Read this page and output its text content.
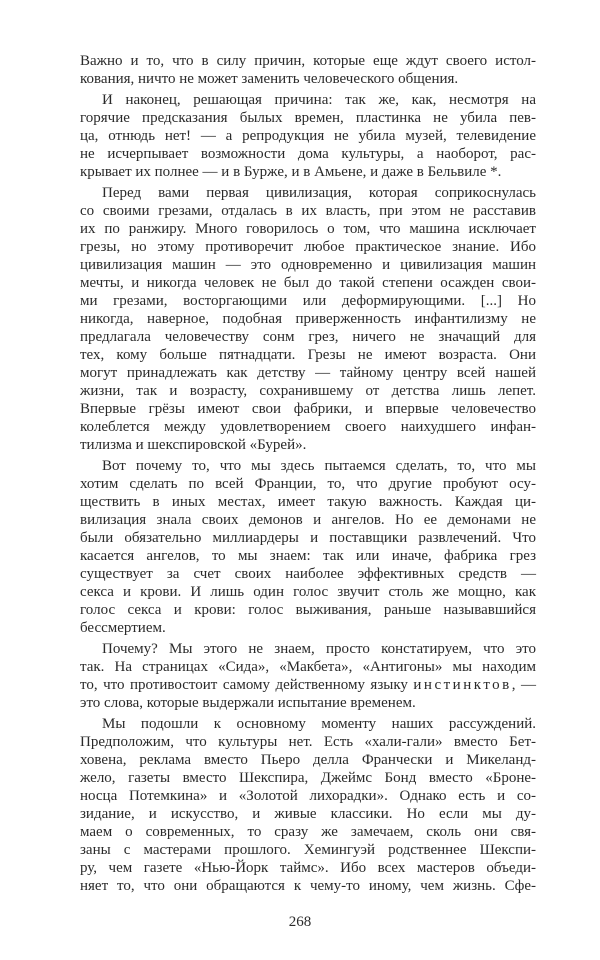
Важно и то, что в силу причин, которые еще ждут своего истол-
кования, ничто не может заменить человеческого общения.
И наконец, решающая причина: так же, как, несмотря на
горячие предсказания былых времен, пластинка не убила пев-
ца, отнюдь нет! — а репродукция не убила музей, телевидение
не исчерпывает возможности дома культуры, а наоборот, рас-
крывает их полнее — и в Бурже, и в Амьене, и даже в Бельвиле *.
Перед вами первая цивилизация, которая соприкоснулась
со своими грезами, отдалась в их власть, при этом не расставив
их по ранжиру. Много говорилось о том, что машина исключает
грезы, но этому противоречит любое практическое знание. Ибо
цивилизация машин — это одновременно и цивилизация машин
мечты, и никогда человек не был до такой степени осажден свои-
ми грезами, восторгающими или деформирующими. [...] Но
никогда, наверное, подобная приверженность инфантилизму не
предлагала человечеству сонм грез, ничего не значащий для
тех, кому больше пятнадцати. Грезы не имеют возраста. Они
могут принадлежать как детству — тайному центру всей нашей
жизни, так и возрасту, сохранившему от детства лишь лепет.
Впервые грёзы имеют свои фабрики, и впервые человечество
колеблется между удовлетворением своего наихудшего инфан-
тилизма и шекспировской «Бурей».
Вот почему то, что мы здесь пытаемся сделать, то, что мы
хотим сделать по всей Франции, то, что другие пробуют осу-
ществить в иных местах, имеет такую важность. Каждая ци-
вилизация знала своих демонов и ангелов. Но ее демонами не
были обязательно миллиардеры и поставщики развлечений. Что
касается ангелов, то мы знаем: так или иначе, фабрика грез
существует за счет своих наиболее эффективных средств —
секса и крови. И лишь один голос звучит столь же мощно, как
голос секса и крови: голос выживания, раньше называвшийся
бессмертием.
Почему? Мы этого не знаем, просто констатируем, что это
так. На страницах «Сида», «Макбета», «Антигоны» мы находим
то, что противостоит самому действенному языку инстинктов, —
это слова, которые выдержали испытание временем.
Мы подошли к основному моменту наших рассуждений.
Предположим, что культуры нет. Есть «хали-гали» вместо Бет-
ховена, реклама вместо Пьеро делла Франчески и Микеланд-
жело, газеты вместо Шекспира, Джеймс Бонд вместо «Броне-
носца Потемкина» и «Золотой лихорадки». Однако есть и со-
зидание, и искусство, и живые классики. Но если мы ду-
маем о современных, то сразу же замечаем, сколь они свя-
заны с мастерами прошлого. Хемингуэй родственнее Шекспи-
ру, чем газете «Нью-Йорк таймс». Ибо всех мастеров объеди-
няет то, что они обращаются к чему-то иному, чем жизнь. Сфе-
268
